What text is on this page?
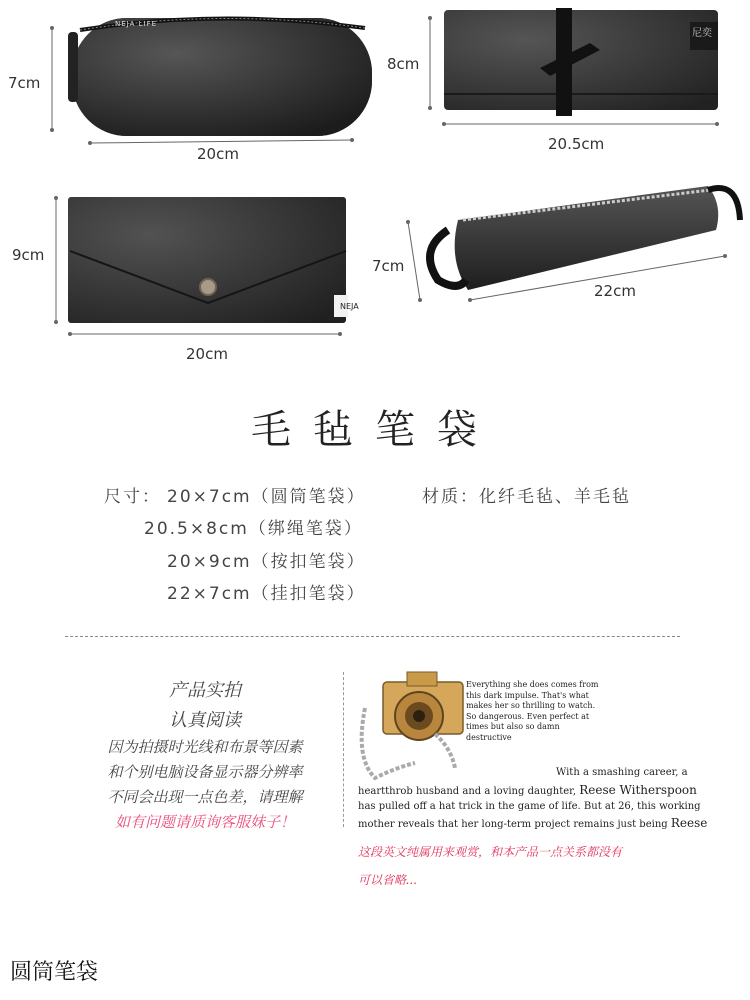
7cm
20cm
NEJA LIFE
尼奕
8cm
20.5cm
NEJA
9cm
20cm
7cm
22cm
毛毡笔袋
尺寸： 20×7cm（圆筒笔袋）	材质：化纤毛毡、羊毛毡
20.5×8cm（绑绳笔袋）
20×9cm（按扣笔袋）
22×7cm（挂扣笔袋）
产品实拍
认真阅读
因为拍摄时光线和布景等因素
和个别电脑设备显示器分辨率
不同会出现一点色差，请理解
如有问题请质询客服妹子！
Everything she does comes from
this dark impulse. That's what
makes her so thrilling to watch.
So dangerous. Even perfect at
times but also so damn
destructive
With a smashing career, a
heartthrob husband and a loving daughter, Reese Witherspoon
has pulled off a hat trick in the game of life. But at 26, this working
mother reveals that her long-term project remains just being Reese
这段英文纯属用来观赏，和本产品一点关系都没有
可以省略...
圆筒笔袋
